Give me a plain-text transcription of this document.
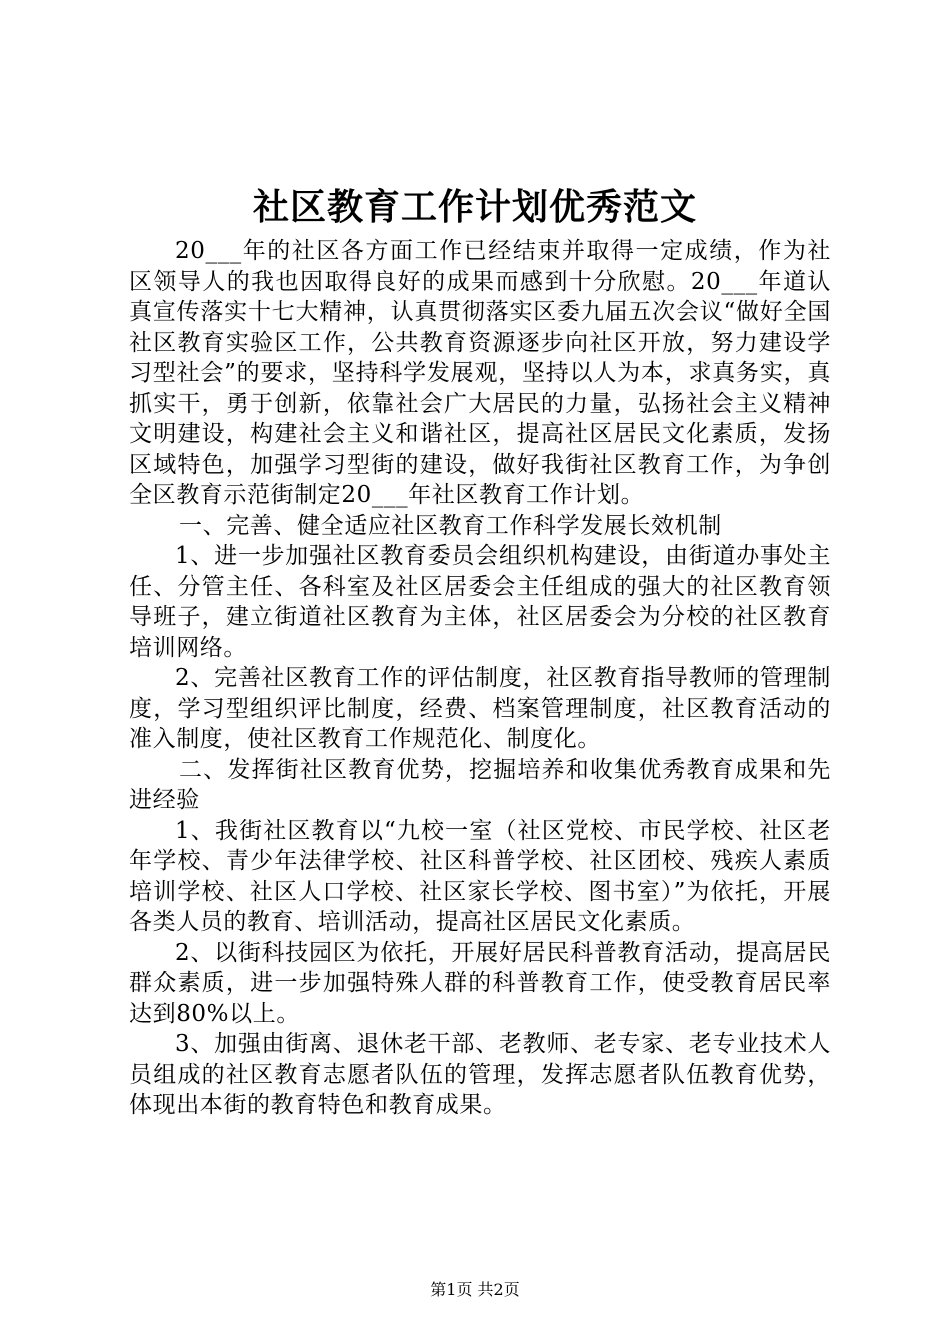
社区教育工作计划优秀范文

20___年的社区各方面工作已经结束并取得一定成绩，作为社区领导人的我也因取得良好的成果而感到十分欣慰。20___年道认真宣传落实十七大精神，认真贯彻落实区委九届五次会议“做好全国社区教育实验区工作，公共教育资源逐步向社区开放，努力建设学习型社会”的要求，坚持科学发展观，坚持以人为本，求真务实，真抓实干，勇于创新，依靠社会广大居民的力量，弘扬社会主义精神文明建设，构建社会主义和谐社区，提高社区居民文化素质，发扬区域特色，加强学习型街的建设，做好我街社区教育工作，为争创全区教育示范街制定20___年社区教育工作计划。

一、完善、健全适应社区教育工作科学发展长效机制

1、进一步加强社区教育委员会组织机构建设，由街道办事处主任、分管主任、各科室及社区居委会主任组成的强大的社区教育领导班子，建立街道社区教育为主体，社区居委会为分校的社区教育培训网络。

2、完善社区教育工作的评估制度，社区教育指导教师的管理制度，学习型组织评比制度，经费、档案管理制度，社区教育活动的准入制度，使社区教育工作规范化、制度化。

二、发挥街社区教育优势，挖掘培养和收集优秀教育成果和先进经验

1、我街社区教育以“九校一室（社区党校、市民学校、社区老年学校、青少年法律学校、社区科普学校、社区团校、残疾人素质培训学校、社区人口学校、社区家长学校、图书室）”为依托，开展各类人员的教育、培训活动，提高社区居民文化素质。

2、以街科技园区为依托，开展好居民科普教育活动，提高居民群众素质，进一步加强特殊人群的科普教育工作，使受教育居民率达到80%以上。

3、加强由街离、退休老干部、老教师、老专家、老专业技术人员组成的社区教育志愿者队伍的管理，发挥志愿者队伍教育优势，体现出本街的教育特色和教育成果。

第1页 共2页
